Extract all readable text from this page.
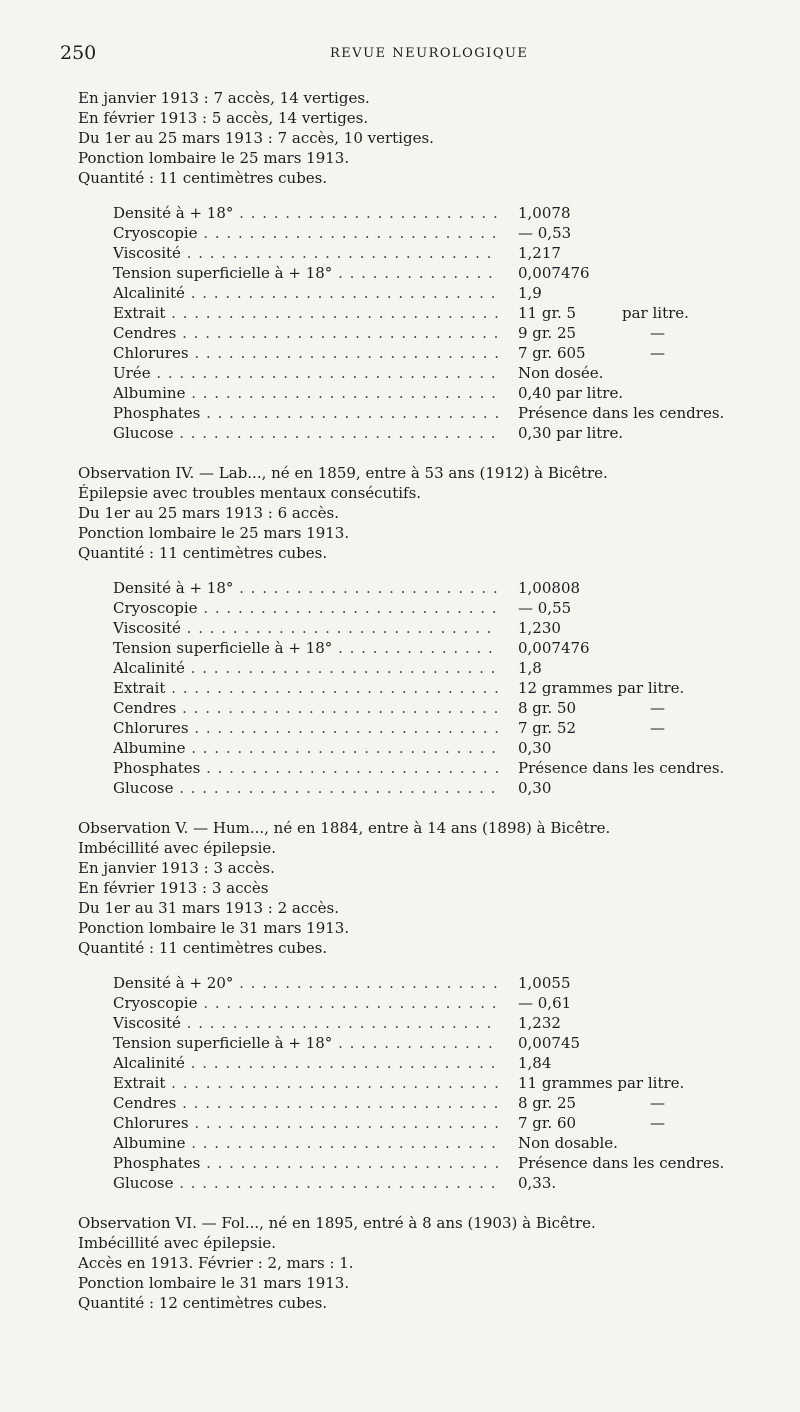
250	REVUE NEUROLOGIQUE
En janvier 1913 : 7 accès, 14 vertiges.
En février 1913 : 5 accès, 14 vertiges.
Du 1er au 25 mars 1913 : 7 accès, 10 vertiges.
Ponction lombaire le 25 mars 1913.
Quantité : 11 centimètres cubes.
Densité à + 18° . . .	1,0078
Cryoscopie . . .	— 0,53
Viscosité . . .	1,217
Tension superficielle à + 18° . . .	0,007476
Alcalinité . . .	1,9
Extrait . . .	11 gr. 5	par litre.
Cendres . . .	9 gr. 25	—
Chlorures . . .	7 gr. 605	—
Urée . . .	Non dosée.
Albumine . . .	0,40 par litre.
Phosphates . . .	Présence dans les cendres.
Glucose . . .	0,30 par litre.
Observation IV. — Lab..., né en 1859, entre à 53 ans (1912) à Bicêtre.
Épilepsie avec troubles mentaux consécutifs.
Du 1er au 25 mars 1913 : 6 accès.
Ponction lombaire le 25 mars 1913.
Quantité : 11 centimètres cubes.
Densité à + 18° . . .	1,00808
Cryoscopie . . .	— 0,55
Viscosité . . .	1,230
Tension superficielle à + 18° . . .	0,007476
Alcalinité . . .	1,8
Extrait . . .	12 grammes par litre.
Cendres . . .	8 gr. 50	—
Chlorures . . .	7 gr. 52	—
Albumine . . .	0,30
Phosphates . . .	Présence dans les cendres.
Glucose . . .	0,30
Observation V. — Hum..., né en 1884, entre à 14 ans (1898) à Bicêtre.
Imbécillité avec épilepsie.
En janvier 1913 : 3 accès.
En février 1913 : 3 accès
Du 1er au 31 mars 1913 : 2 accès.
Ponction lombaire le 31 mars 1913.
Quantité : 11 centimètres cubes.
Densité à + 20° . . .	1,0055
Cryoscopie . . .	— 0,61
Viscosité . . .	1,232
Tension superficielle à + 18° . . .	0,00745
Alcalinité . . .	1,84
Extrait . . .	11 grammes par litre.
Cendres . . .	8 gr. 25	—
Chlorures . . .	7 gr. 60	—
Albumine . . .	Non dosable.
Phosphates . . .	Présence dans les cendres.
Glucose . . .	0,33.
Observation VI. — Fol..., né en 1895, entré à 8 ans (1903) à Bicêtre.
Imbécillité avec épilepsie.
Accès en 1913. Février : 2, mars : 1.
Ponction lombaire le 31 mars 1913.
Quantité : 12 centimètres cubes.
